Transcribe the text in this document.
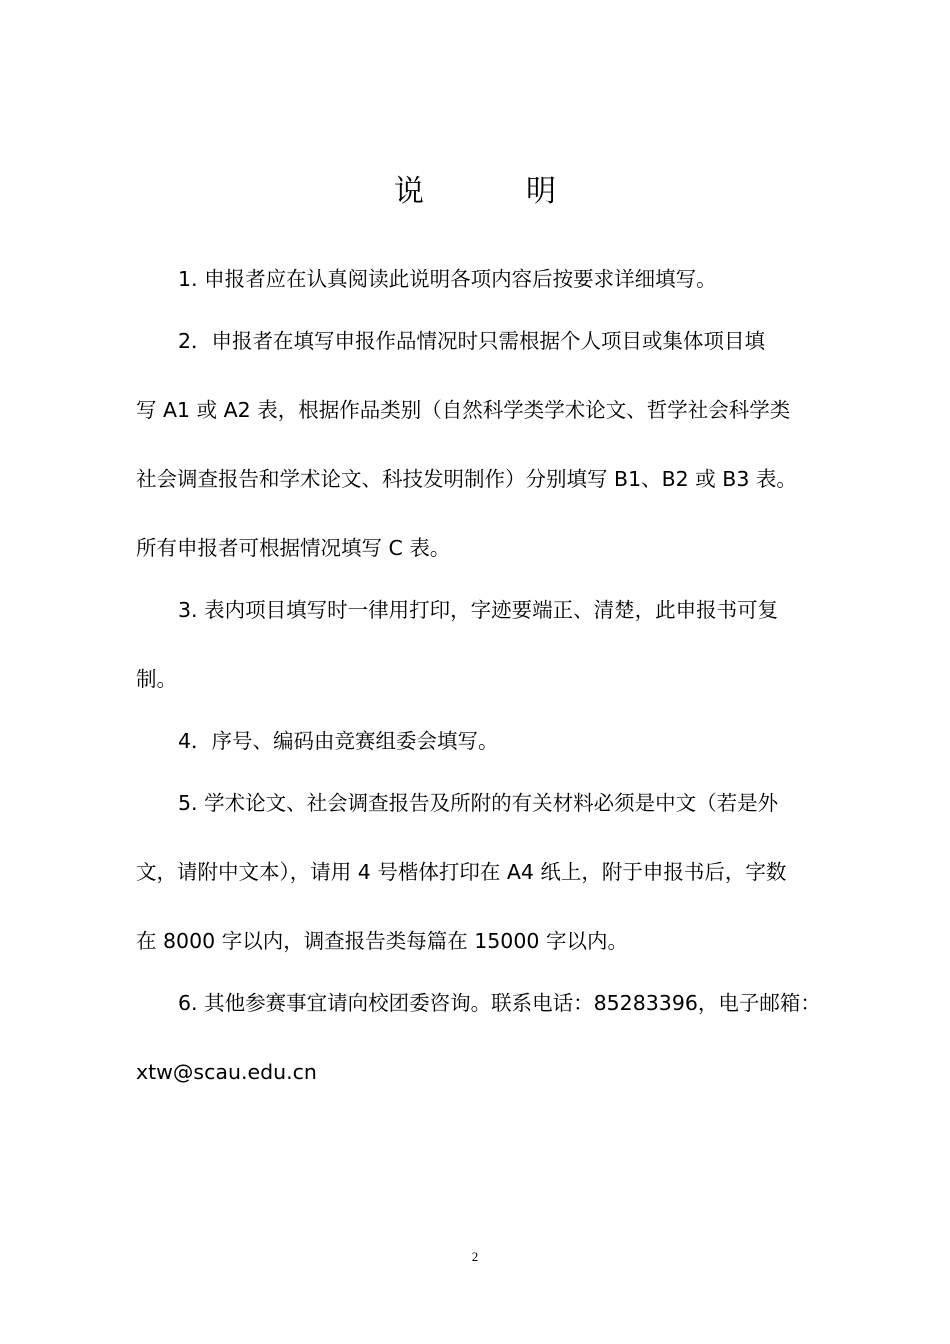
说	明

1. 申报者应在认真阅读此说明各项内容后按要求详细填写。

2．申报者在填写申报作品情况时只需根据个人项目或集体项目填
写 A1 或 A2 表，根据作品类别（自然科学类学术论文、哲学社会科学类
社会调查报告和学术论文、科技发明制作）分别填写 B1、B2 或 B3 表。
所有申报者可根据情况填写 C 表。

3. 表内项目填写时一律用打印，字迹要端正、清楚，此申报书可复
制。

4．序号、编码由竞赛组委会填写。

5. 学术论文、社会调查报告及所附的有关材料必须是中文（若是外
文，请附中文本），请用 4 号楷体打印在 A4 纸上，附于申报书后，字数
在 8000 字以内，调查报告类每篇在 15000 字以内。

6. 其他参赛事宜请向校团委咨询。联系电话：85283396，电子邮箱：
xtw@scau.edu.cn

2
